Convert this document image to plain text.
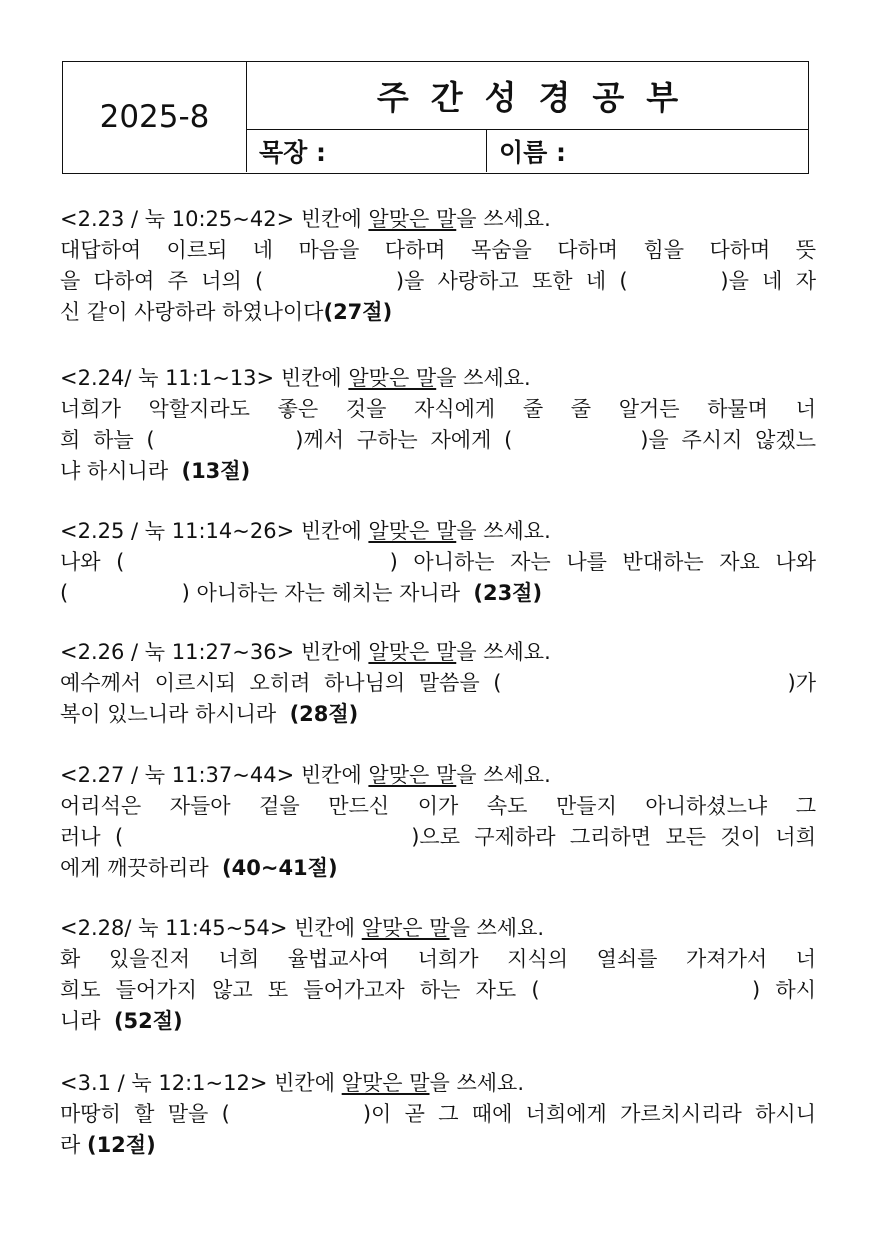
2025-8	주간성경공부
목장 :	이름 :
<2.23 / 눅 10:25~42> 빈칸에 알맞은 말을 쓰세요.
대답하여 이르되 네 마음을 다하며 목숨을 다하며 힘을 다하며 뜻
을 다하여 주 너의 (          )을 사랑하고 또한 네 (       )을 네 자
신 같이 사랑하라 하였나이다(27절)
<2.24/ 눅 11:1~13> 빈칸에 알맞은 말을 쓰세요.
너희가 악할지라도 좋은 것을 자식에게 줄 줄 알거든 하물며 너
희 하늘 (           )께서 구하는 자에게 (          )을 주시지 않겠느
냐 하시니라  (13절)
<2.25 / 눅 11:14~26> 빈칸에 알맞은 말을 쓰세요.
나와 (                 ) 아니하는 자는 나를 반대하는 자요 나와
(                 ) 아니하는 자는 헤치는 자니라  (23절)
<2.26 / 눅 11:27~36> 빈칸에 알맞은 말을 쓰세요.
예수께서 이르시되 오히려 하나님의 말씀을 (                     )가
복이 있느니라 하시니라  (28절)
<2.27 / 눅 11:37~44> 빈칸에 알맞은 말을 쓰세요.
어리석은 자들아 겉을 만드신 이가 속도 만들지 아니하셨느냐 그
러나 (                    )으로 구제하라 그리하면 모든 것이 너희
에게 깨끗하리라  (40~41절)
<2.28/ 눅 11:45~54> 빈칸에 알맞은 말을 쓰세요.
화 있을진저 너희 율법교사여 너희가 지식의 열쇠를 가져가서 너
희도 들어가지 않고 또 들어가고자 하는 자도 (              ) 하시
니라  (52절)
<3.1 / 눅 12:1~12> 빈칸에 알맞은 말을 쓰세요.
마땅히 할 말을 (          )이 곧 그 때에 너희에게 가르치시리라 하시니
라 (12절)
